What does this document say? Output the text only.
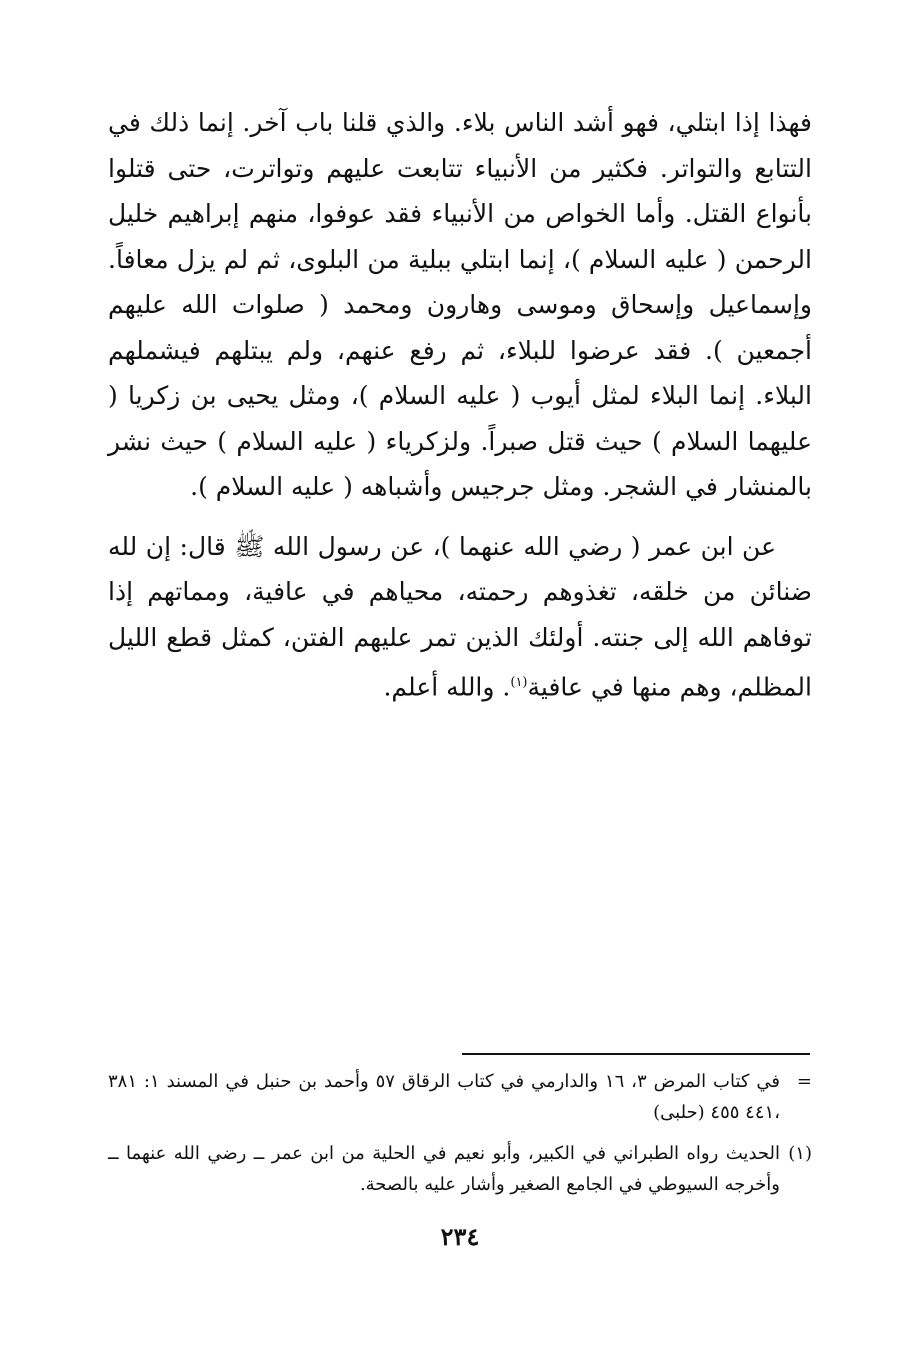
فهذا إذا ابتلي، فهو أشد الناس بلاء. والذي قلنا باب آخر. إنما ذلك في التتابع والتواتر. فكثير من الأنبياء تتابعت عليهم وتواترت، حتى قتلوا بأنواع القتل. وأما الخواص من الأنبياء فقد عوفوا، منهم إبراهيم خليل الرحمن ( عليه السلام )، إنما ابتلي ببلية من البلوى، ثم لم يزل معافاً. وإسماعيل وإسحاق وموسى وهارون ومحمد ( صلوات الله عليهم أجمعين ). فقد عرضوا للبلاء، ثم رفع عنهم، ولم يبتلهم فيشملهم البلاء. إنما البلاء لمثل أيوب ( عليه السلام )، ومثل يحيى بن زكريا ( عليهما السلام ) حيث قتل صبراً. ولزكرياء ( عليه السلام ) حيث نشر بالمنشار في الشجر. ومثل جرجيس وأشباهه ( عليه السلام ).

عن ابن عمر ( رضي الله عنهما )، عن رسول الله ﷺ قال: إن لله ضنائن من خلقه، تغذوهم رحمته، محياهم في عافية، ومماتهم إذا توفاهم الله إلى جنته. أولئك الذين تمر عليهم الفتن، كمثل قطع الليل المظلم، وهم منها في عافية$^{(١)}$. والله أعلم.

=
في كتاب المرض ٣، ١٦ والدارمي في كتاب الرقاق ٥٧ وأحمد بن حنبل في المسند ١: ٣٨١ ،٤٤١ ٤٥٥ (حلبى)

(١)
الحديث رواه الطبراني في الكبير، وأبو نعيم في الحلية من ابن عمر ــ رضي الله عنهما ــ وأخرجه السيوطي في الجامع الصغير وأشار عليه بالصحة.

٢٣٤
